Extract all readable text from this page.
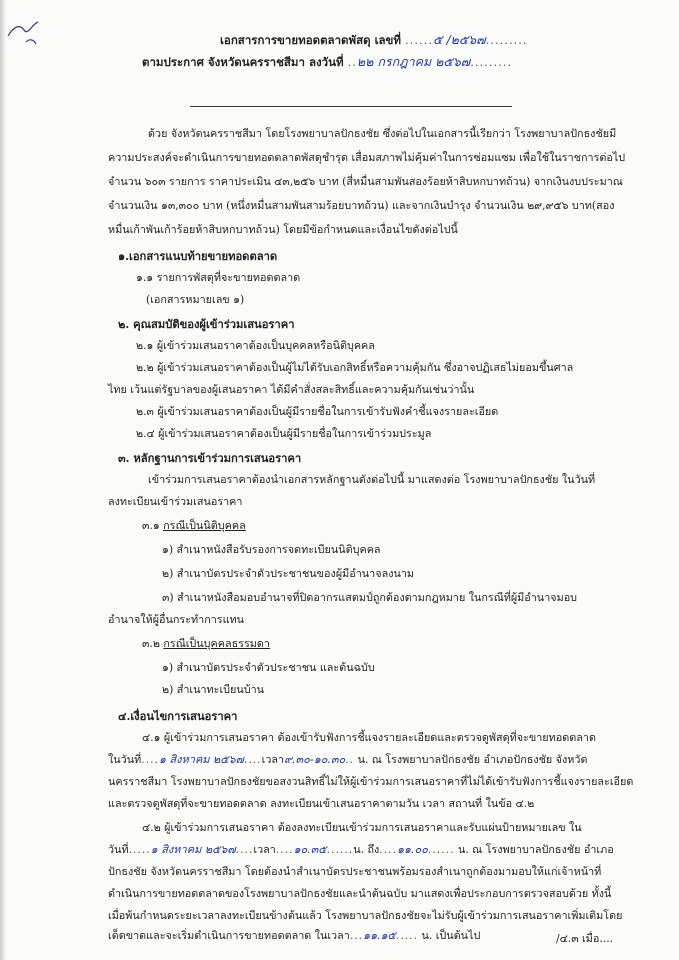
เอกสารการขายทอดตลาดพัสดุ เลขที่ ......๕ /๒๕๖๗.........
ตามประกาศ จังหวัดนครราชสีมา ลงวันที่ ..๒๒ กรกฎาคม ๒๕๖๗.........
ด้วย จังหวัดนครราชสีมา โดยโรงพยาบาลปักธงชัย ซึ่งต่อไปในเอกสารนี้เรียกว่า โรงพยาบาลปักธงชัยมี
ความประสงค์จะดำเนินการขายทอดตลาดพัสดุชำรุด เสื่อมสภาพไม่คุ้มค่าในการซ่อมแซม เพื่อใช้ในราชการต่อไป
จำนวน ๖๐๓ รายการ ราคาประเมิน ๔๓,๒๕๖ บาท (สี่หมื่นสามพันสองร้อยห้าสิบหกบาทถ้วน) จากเงินงบประมาณ
จำนวนเงิน ๑๓,๓๐๐ บาท (หนึ่งหมื่นสามพันสามร้อยบาทถ้วน) และจากเงินบำรุง จำนวนเงิน ๒๙,๙๕๖ บาท(สอง
หมื่นเก้าพันเก้าร้อยห้าสิบหกบาทถ้วน) โดยมีข้อกำหนดและเงื่อนไขดังต่อไปนี้
๑.เอกสารแนบท้ายขายทอดตลาด
๑.๑ รายการพัสดุที่จะขายทอดตลาด
(เอกสารหมายเลข ๑)
๒. คุณสมบัติของผู้เข้าร่วมเสนอราคา
๒.๑ ผู้เข้าร่วมเสนอราคาต้องเป็นบุคคลหรือนิติบุคคล
๒.๒ ผู้เข้าร่วมเสนอราคาต้องเป็นผู้ไม่ได้รับเอกสิทธิ์หรือความคุ้มกัน ซึ่งอาจปฏิเสธไม่ยอมขึ้นศาล
ไทย เว้นแต่รัฐบาลของผู้เสนอราคา ได้มีคำสั่งสละสิทธิ์และความคุ้มกันเช่นว่านั้น
๒.๓ ผู้เข้าร่วมเสนอราคาต้องเป็นผู้มีรายชื่อในการเข้ารับฟังคำชี้แจงรายละเอียด
๒.๔ ผู้เข้าร่วมเสนอราคาต้องเป็นผู้มีรายชื่อในการเข้าร่วมประมูล
๓. หลักฐานการเข้าร่วมการเสนอราคา
เข้าร่วมการเสนอราคาต้องนำเอกสารหลักฐานดังต่อไปนี้ มาแสดงต่อ โรงพยาบาลปักธงชัย ในวันที่
ลงทะเบียนเข้าร่วมเสนอราคา
๓.๑ กรณีเป็นนิติบุคคล
๑) สำเนาหนังสือรับรองการจดทะเบียนนิติบุคคล
๒) สำเนาบัตรประจำตัวประชาชนของผู้มีอำนาจลงนาม
๓) สำเนาหนังสือมอบอำนาจที่ปิดอากรแสตมป์ถูกต้องตามกฎหมาย ในกรณีที่ผู้มีอำนาจมอบ
อำนาจให้ผู้อื่นกระทำการแทน
๓.๒ กรณีเป็นบุคคลธรรมดา
๑) สำเนาบัตรประจำตัวประชาชน และต้นฉบับ
๒) สำเนาทะเบียนบ้าน
๔.เงื่อนไขการเสนอราคา
๔.๑ ผู้เข้าร่วมการเสนอราคา ต้องเข้ารับฟังการชี้แจงรายละเอียดและตรวจดูพัสดุที่จะขายทอดตลาด
ในวันที่....๑ สิงหาคม ๒๕๖๗....เวลา๙.๓๐-๑๐.๓๐.. น. ณ โรงพยาบาลปักธงชัย อำเภอปักธงชัย จังหวัด
นครราชสีมา โรงพยาบาลปักธงชัยขอสงวนสิทธิ์ไม่ให้ผู้เข้าร่วมการเสนอราคาที่ไม่ได้เข้ารับฟังการชี้แจงรายละเอียด
และตรวจดูพัสดุที่จะขายทอดตลาด ลงทะเบียนเข้าเสนอราคาตามวัน เวลา สถานที่ ในข้อ ๔.๒
๔.๒ ผู้เข้าร่วมการเสนอราคา ต้องลงทะเบียนเข้าร่วมการเสนอราคาและรับแผ่นป้ายหมายเลข ใน
วันที่.....๑ สิงหาคม ๒๕๖๗....เวลา....๑๐.๓๕......น. ถึง....๑๑.๐๐...... น. ณ โรงพยาบาลปักธงชัย อำเภอ
ปักธงชัย จังหวัดนครราชสีมา โดยต้องนำสำเนาบัตรประชาชนพร้อมรองสำเนาถูกต้องมามอบให้แก่เจ้าหน้าที่
ดำเนินการขายทอดตลาดของโรงพยาบาลปักธงชัยและนำต้นฉบับ มาแสดงเพื่อประกอบการตรวจสอบด้วย ทั้งนี้
เมื่อพ้นกำหนดระยะเวลาลงทะเบียนข้างต้นแล้ว โรงพยาบาลปักธงชัยจะไม่รับผู้เข้าร่วมการเสนอราคาเพิ่มเติมโดย
เด็ดขาดและจะเริ่มดำเนินการขายทอดตลาด ในเวลา...๑๑.๑๕..... น. เป็นต้นไป	/๔.๓ เมื่อ....
